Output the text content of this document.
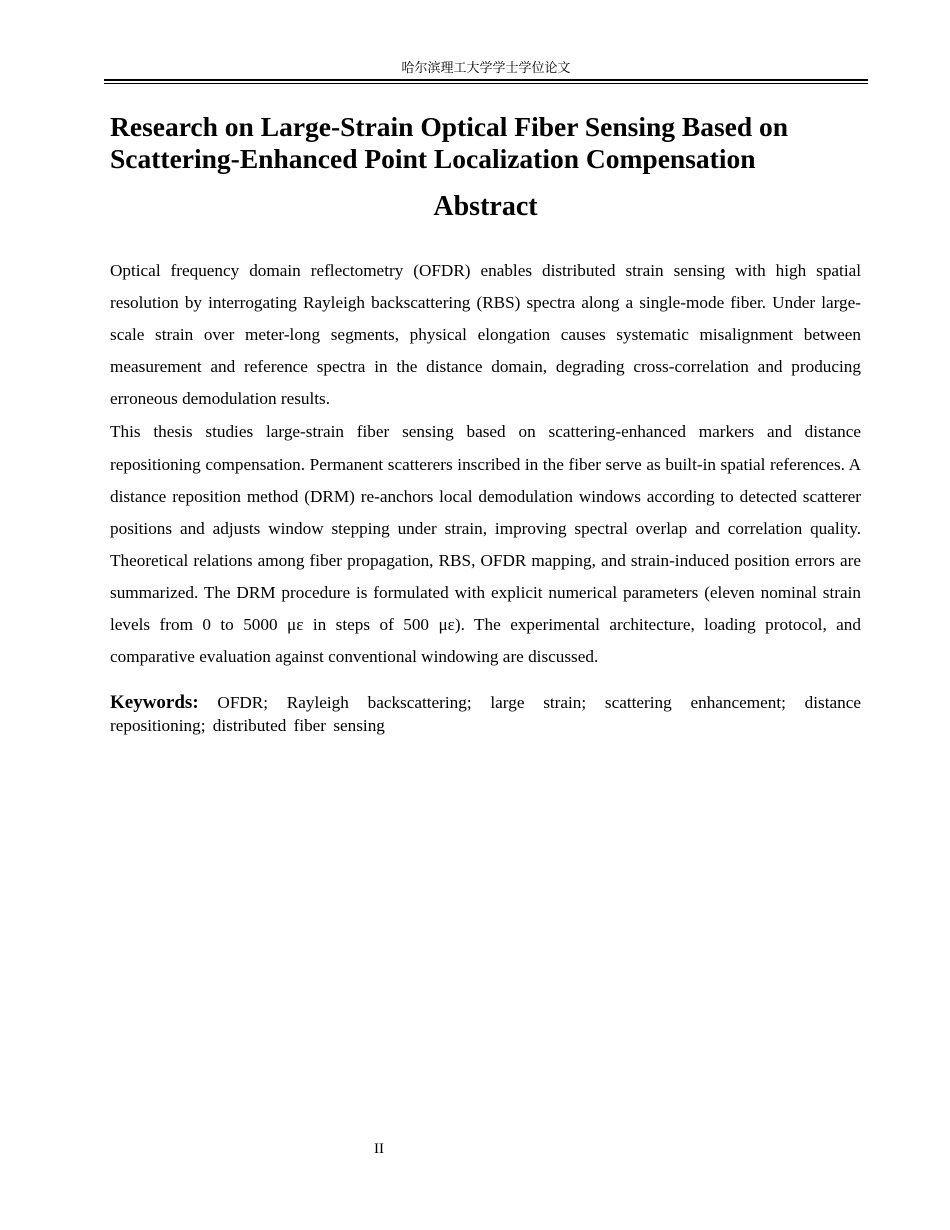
哈尔滨理工大学学士学位论文
Research on Large-Strain Optical Fiber Sensing Based on
Scattering-Enhanced Point Localization Compensation
Abstract

Optical frequency domain reflectometry (OFDR) enables distributed strain sensing with high spatial resolution by interrogating Rayleigh backscattering (RBS) spectra along a single-mode fiber. Under large-scale strain over meter-long segments, physical elongation causes systematic misalignment between measurement and reference spectra in the distance domain, degrading cross-correlation and producing erroneous demodulation results.

This thesis studies large-strain fiber sensing based on scattering-enhanced markers and distance repositioning compensation. Permanent scatterers inscribed in the fiber serve as built-in spatial references. A distance reposition method (DRM) re-anchors local demodulation windows according to detected scatterer positions and adjusts window stepping under strain, improving spectral overlap and correlation quality. Theoretical relations among fiber propagation, RBS, OFDR mapping, and strain-induced position errors are summarized. The DRM procedure is formulated with explicit numerical parameters (eleven nominal strain levels from 0 to 5000 με in steps of 500 με). The experimental architecture, loading protocol, and comparative evaluation against conventional windowing are discussed.

Keywords: OFDR; Rayleigh backscattering; large strain; scattering enhancement; distance repositioning; distributed fiber sensing
II
